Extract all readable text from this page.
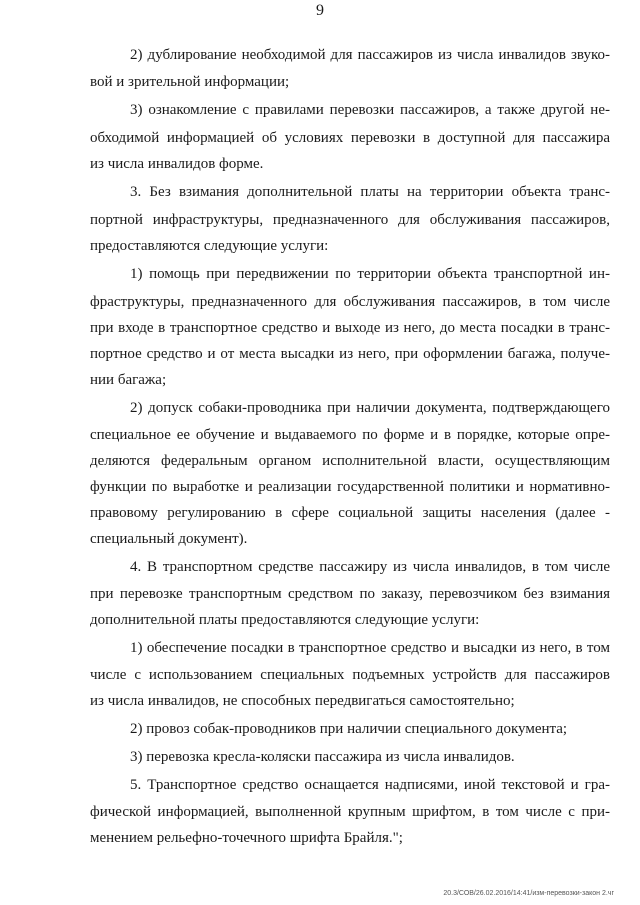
9
2) дублирование необходимой для пассажиров из числа инвалидов звуко-
вой и зрительной информации;
3) ознакомление с правилами перевозки пассажиров, а также другой не-
обходимой информацией об условиях перевозки в доступной для пассажира
из числа инвалидов форме.
3. Без взимания дополнительной платы на территории объекта транс-
портной инфраструктуры, предназначенного для обслуживания пассажиров,
предоставляются следующие услуги:
1) помощь при передвижении по территории объекта транспортной ин-
фраструктуры, предназначенного для обслуживания пассажиров, в том числе
при входе в транспортное средство и выходе из него, до места посадки в транс-
портное средство и от места высадки из него, при оформлении багажа, получе-
нии багажа;
2) допуск собаки-проводника при наличии документа, подтверждающего
специальное ее обучение и выдаваемого по форме и в порядке, которые опре-
деляются федеральным органом исполнительной власти, осуществляющим
функции по выработке и реализации государственной политики и нормативно-
правовому регулированию в сфере социальной защиты населения (далее -
специальный документ).
4. В транспортном средстве пассажиру из числа инвалидов, в том числе
при перевозке транспортным средством по заказу, перевозчиком без взимания
дополнительной платы предоставляются следующие услуги:
1) обеспечение посадки в транспортное средство и высадки из него, в том
числе с использованием специальных подъемных устройств для пассажиров
из числа инвалидов, не способных передвигаться самостоятельно;
2) провоз собак-проводников при наличии специального документа;
3) перевозка кресла-коляски пассажира из числа инвалидов.
5. Транспортное средство оснащается надписями, иной текстовой и гра-
фической информацией, выполненной крупным шрифтом, в том числе с при-
менением рельефно-точечного шрифта Брайля.";
20.3/СОВ/26.02.2016/14:41/изм-перевозки-закон 2.чг
